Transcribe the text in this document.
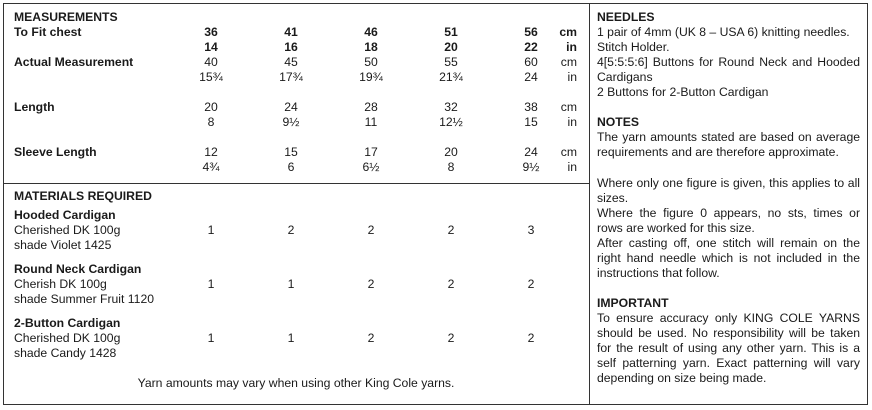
MEASUREMENTS
To Fit chest	36	41	46	51	56	cm
14	16	18	20	22	in
Actual Measurement	40	45	50	55	60	cm
15¾	17¾	19¾	21¾	24	in
Length	20	24	28	32	38	cm
8	9½	11	12½	15	in
Sleeve Length	12	15	17	20	24	cm
4¾	6	6½	8	9½	in
MATERIALS REQUIRED
Hooded Cardigan
Cherished DK 100g
shade Violet 1425
1	2	2	2	3
Round Neck Cardigan
Cherish DK 100g
shade Summer Fruit 1120
1	1	2	2	2
2-Button Cardigan
Cherished DK 100g
shade Candy 1428
1	1	2	2	2
Yarn amounts may vary when using other King Cole yarns.
NEEDLES
1 pair of 4mm (UK 8 – USA 6) knitting needles.
Stitch Holder.
4[5:5:5:6] Buttons for Round Neck and Hooded Cardigans
2 Buttons for 2-Button Cardigan
NOTES
The yarn amounts stated are based on average requirements and are therefore approximate.
Where only one figure is given, this applies to all sizes.
Where the figure 0 appears, no sts, times or rows are worked for this size.
After casting off, one stitch will remain on the right hand needle which is not included in the instructions that follow.
IMPORTANT
To ensure accuracy only KING COLE YARNS should be used. No responsibility will be taken for the result of using any other yarn. This is a self patterning yarn. Exact patterning will vary depending on size being made.
